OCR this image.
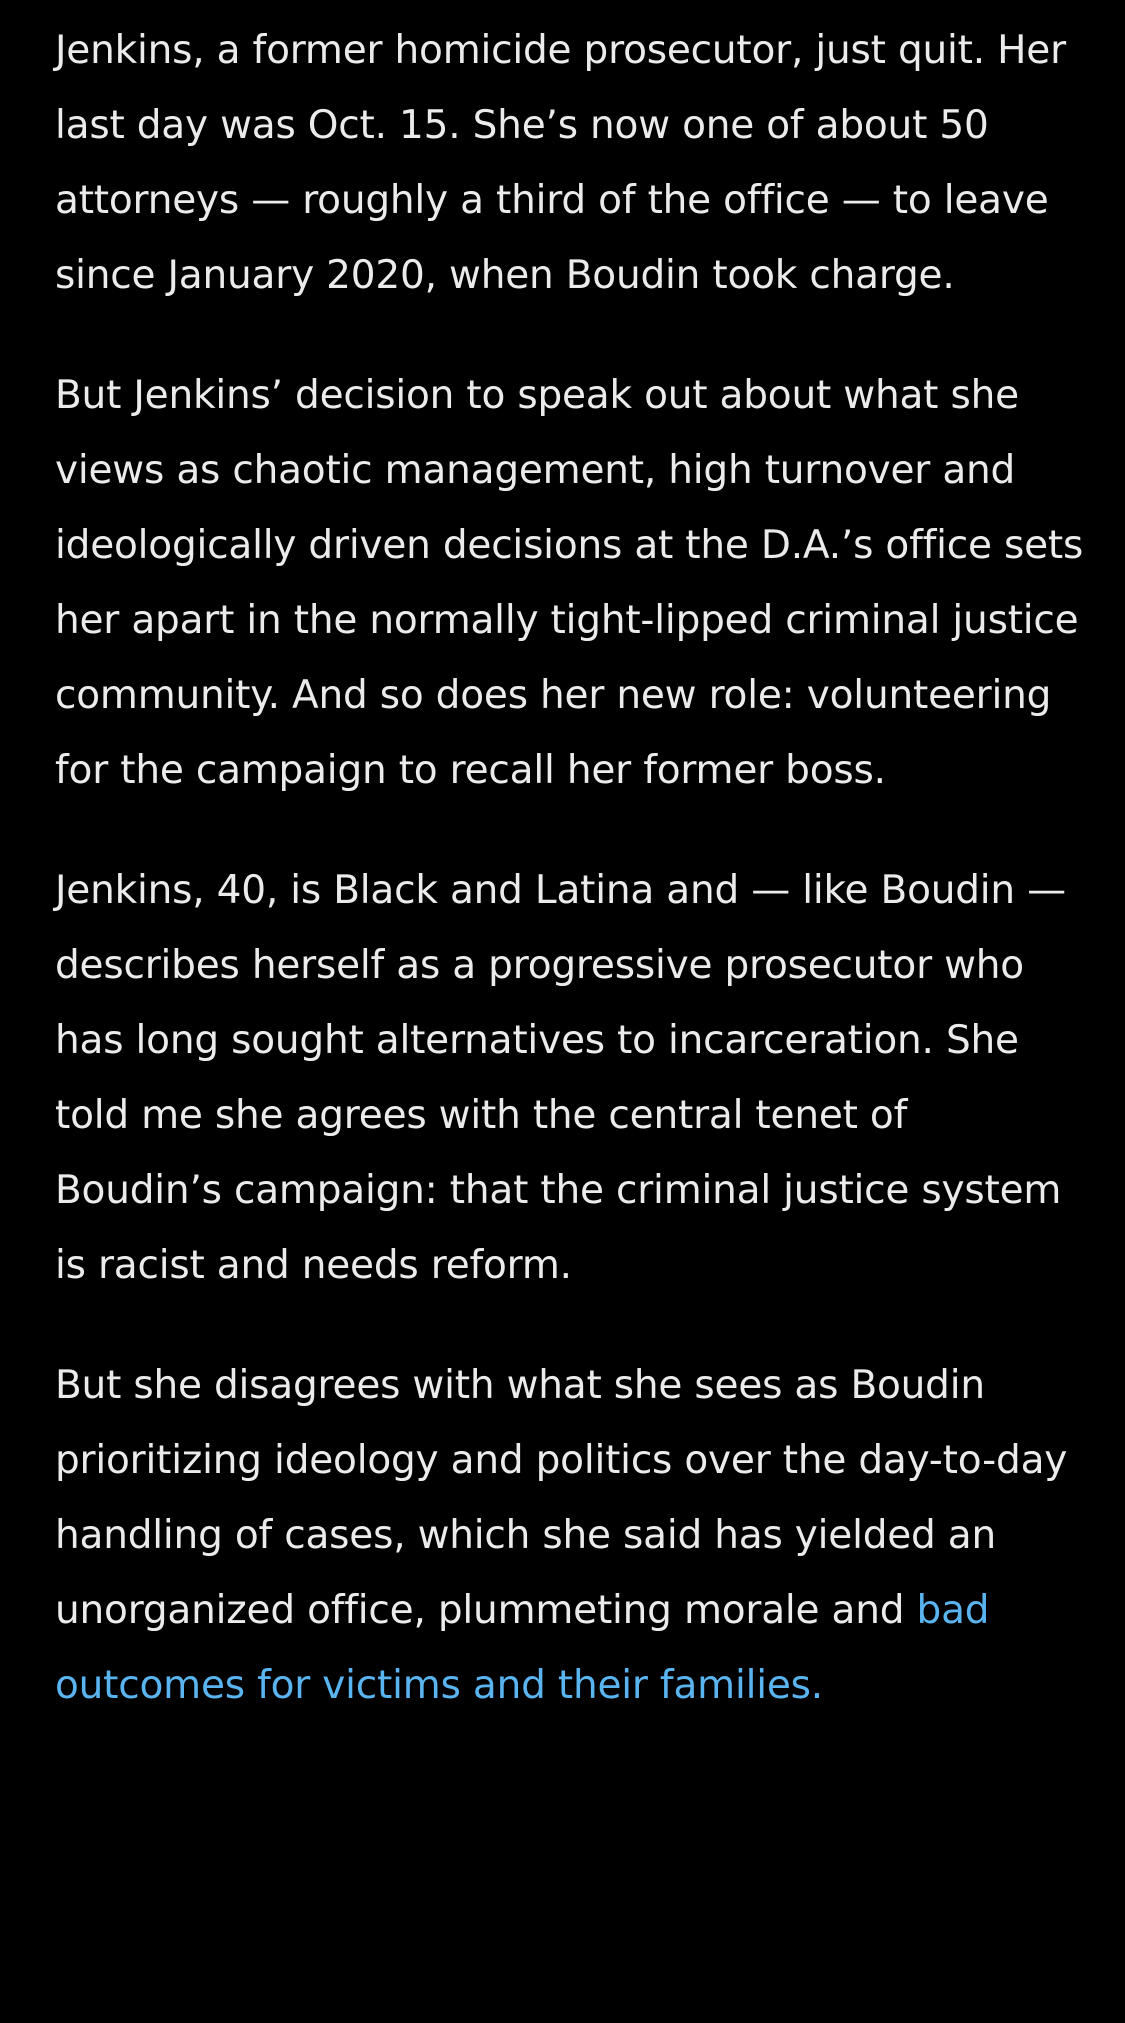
Jenkins, a former homicide prosecutor, just quit. Her last day was Oct. 15. She’s now one of about 50 attorneys — roughly a third of the office — to leave since January 2020, when Boudin took charge.

But Jenkins’ decision to speak out about what she views as chaotic management, high turnover and ideologically driven decisions at the D.A.’s office sets her apart in the normally tight-lipped criminal justice community. And so does her new role: volunteering for the campaign to recall her former boss.

Jenkins, 40, is Black and Latina and — like Boudin — describes herself as a progressive prosecutor who has long sought alternatives to incarceration. She told me she agrees with the central tenet of Boudin’s campaign: that the criminal justice system is racist and needs reform.

But she disagrees with what she sees as Boudin prioritizing ideology and politics over the day-to-day handling of cases, which she said has yielded an unorganized office, plummeting morale and bad outcomes for victims and their families.
